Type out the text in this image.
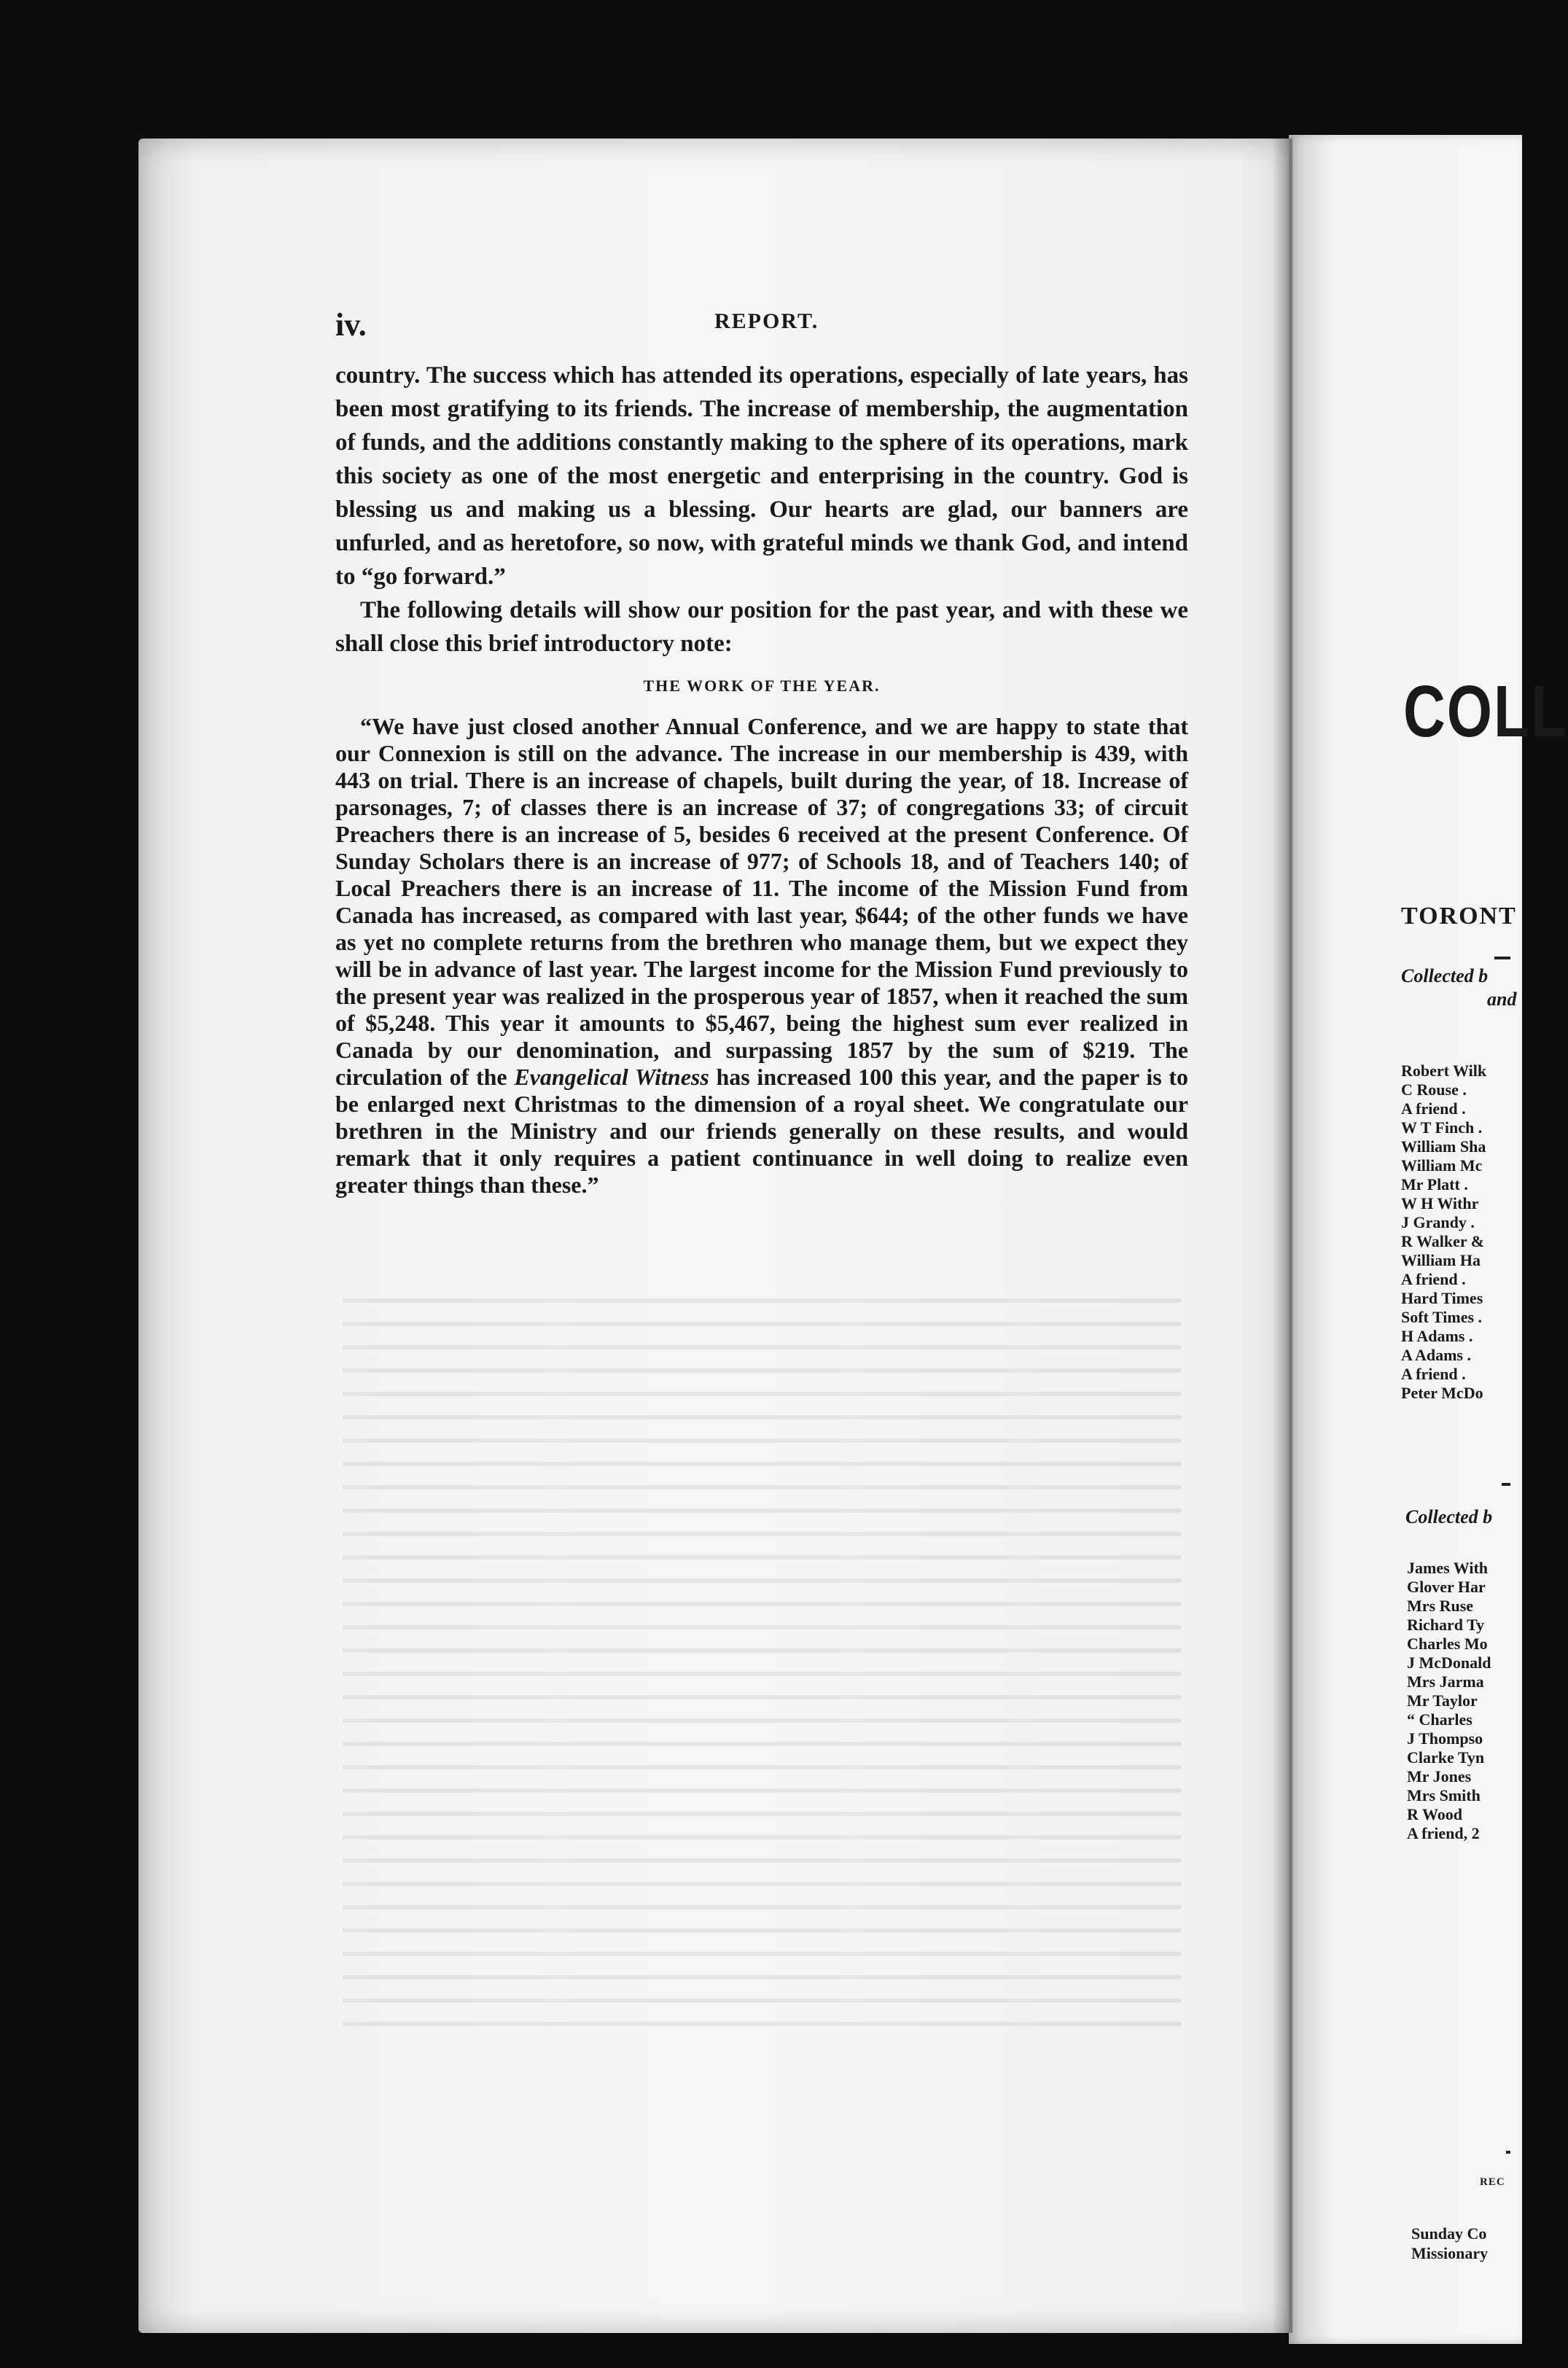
iv.	REPORT.

country. The success which has attended its operations, especially of late years, has been most gratifying to its friends. The increase of membership, the augmentation of funds, and the additions constantly making to the sphere of its operations, mark this society as one of the most energetic and enterprising in the country. God is blessing us and making us a blessing. Our hearts are glad, our banners are unfurled, and as heretofore, so now, with grateful minds we thank God, and intend to “go forward.”

The following details will show our position for the past year, and with these we shall close this brief introductory note:

THE WORK OF THE YEAR.

“We have just closed another Annual Conference, and we are happy to state that our Connexion is still on the advance. The increase in our membership is 439, with 443 on trial. There is an increase of chapels, built during the year, of 18. Increase of parsonages, 7; of classes there is an increase of 37; of congregations 33; of circuit Preachers there is an increase of 5, besides 6 received at the present Conference. Of Sunday Scholars there is an increase of 977; of Schools 18, and of Teachers 140; of Local Preachers there is an increase of 11. The income of the Mission Fund from Canada has increased, as compared with last year, $644; of the other funds we have as yet no complete returns from the brethren who manage them, but we expect they will be in advance of last year. The largest income for the Mission Fund previously to the present year was realized in the prosperous year of 1857, when it reached the sum of $5,248. This year it amounts to $5,467, being the highest sum ever realized in Canada by our denomination, and surpassing 1857 by the sum of $219. The circulation of the Evangelical Witness has increased 100 this year, and the paper is to be enlarged next Christmas to the dimension of a royal sheet. We congratulate our brethren in the Ministry and our friends generally on these results, and would remark that it only requires a patient continuance in well doing to realize even greater things than these.”

COLL
TORONT
Collected b
and
Robert Wilk
C Rouse .
A friend .
W T Finch .
William Sha
William Mc
Mr Platt .
W H Withr
J Grandy .
R Walker &
William Ha
A friend .
Hard Times
Soft Times .
H Adams .
A Adams .
A friend .
Peter McDo
Collected b
James With
Glover Har
Mrs Ruse
Richard Ty
Charles Mo
J McDonald
Mrs Jarma
Mr Taylor
“ Charles
J Thompso
Clarke Tyn
Mr Jones
Mrs Smith
R Wood
A friend, 2
REC
Sunday Co
Missionary
